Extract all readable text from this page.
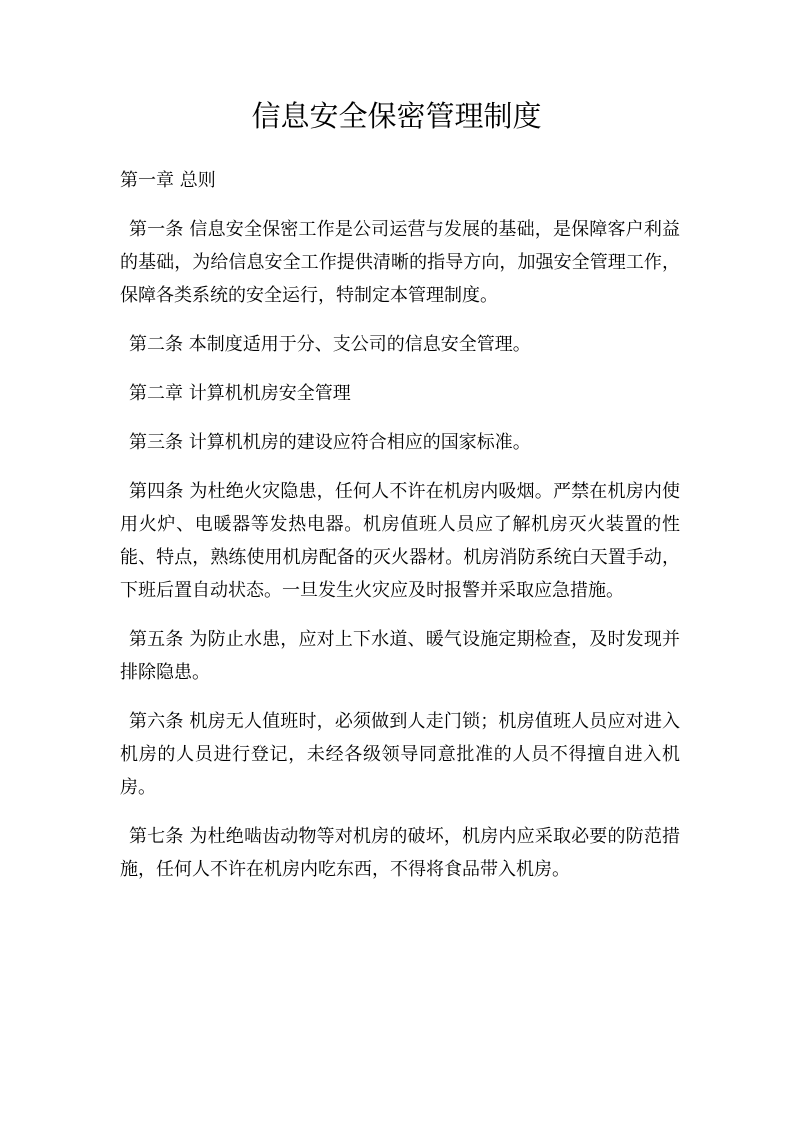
信息安全保密管理制度

第一章 总则

第一条 信息安全保密工作是公司运营与发展的基础，是保障客户利益的基础，为给信息安全工作提供清晰的指导方向，加强安全管理工作，保障各类系统的安全运行，特制定本管理制度。

第二条 本制度适用于分、支公司的信息安全管理。

第二章 计算机机房安全管理

第三条 计算机机房的建设应符合相应的国家标准。

第四条 为杜绝火灾隐患，任何人不许在机房内吸烟。严禁在机房内使用火炉、电暖器等发热电器。机房值班人员应了解机房灭火装置的性能、特点，熟练使用机房配备的灭火器材。机房消防系统白天置手动，下班后置自动状态。一旦发生火灾应及时报警并采取应急措施。

第五条 为防止水患，应对上下水道、暖气设施定期检查，及时发现并排除隐患。

第六条 机房无人值班时，必须做到人走门锁；机房值班人员应对进入机房的人员进行登记，未经各级领导同意批准的人员不得擅自进入机房。

第七条 为杜绝啮齿动物等对机房的破坏，机房内应采取必要的防范措施，任何人不许在机房内吃东西，不得将食品带入机房。
